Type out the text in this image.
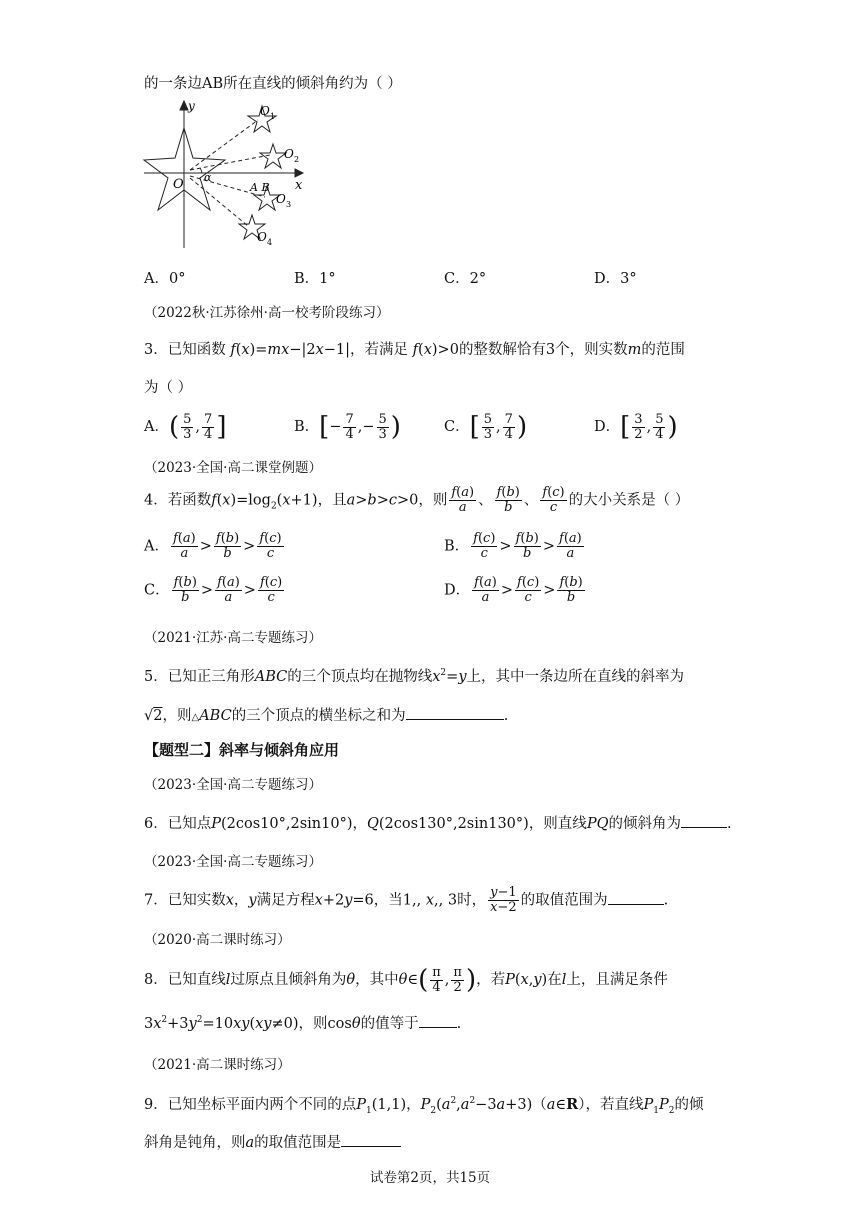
的一条边AB所在直线的倾斜角约为（ ）
y
x
O α
A B
O 1
O 2
O 3
O 4
A．0°	B．1°	C．2°	D．3°
（2022秋·江苏徐州·高一校考阶段练习）
3．已知函数 f(x)=mx−|2x−1|，若满足 f(x)>0的整数解恰有3个，则实数m的范围
为（ ）
A．( $\frac{5}{3}$ , $\frac{7}{4}$ ]	B．[− $\frac{7}{4}$ ,− $\frac{5}{3}$ )	C．[ $\frac{5}{3}$ , $\frac{7}{4}$ )	D．[ $\frac{3}{2}$ , $\frac{5}{4}$ )
（2023·全国·高二课堂例题）
4．若函数$f(x)=\log_2(x+1)$，且a>b>c>0，则 $\frac{f(a)}{a}$ 、 $\frac{f(b)}{b}$ 、 $\frac{f(c)}{c}$ 的大小关系是（ ）
A． $\frac{f(a)}{a} > \frac{f(b)}{b} > \frac{f(c)}{c}$	B． $\frac{f(c)}{c} > \frac{f(b)}{b} > \frac{f(a)}{a}$
C． $\frac{f(b)}{b} > \frac{f(a)}{a} > \frac{f(c)}{c}$	D． $\frac{f(a)}{a} > \frac{f(c)}{c} > \frac{f(b)}{b}$
（2021·江苏·高二专题练习）
5．已知正三角形ABC的三个顶点均在抛物线$x^2=y$上，其中一条边所在直线的斜率为
√2，则△ABC的三个顶点的横坐标之和为	.
【题型二】斜率与倾斜角应用
（2023·全国·高二专题练习）
6．已知点P(2cos10°,2sin10°)，Q(2cos130°,2sin130°)，则直线PQ的倾斜角为	.
（2023·全国·高二专题练习）
7．已知实数x，y满足方程x+2y=6，当1,, x,, 3时， $\frac{y-1}{x-2}$ 的取值范围为	.
（2020·高二课时练习）
8．已知直线l过原点且倾斜角为θ，其中θ∈( $\frac{\pi}{4}$ , $\frac{\pi}{2}$ )，若P(x,y)在l上，且满足条件
$3x^2+3y^2=10xy(xy\ne 0)$，则cosθ的值等于	.
（2021·高二课时练习）
9．已知坐标平面内两个不同的点$P_1(1,1)$，$P_2(a^2,a^2-3a+3)(a\in R)$，若直线$P_1P_2$的倾
斜角是钝角，则a的取值范围是
试卷第2页，共15页
